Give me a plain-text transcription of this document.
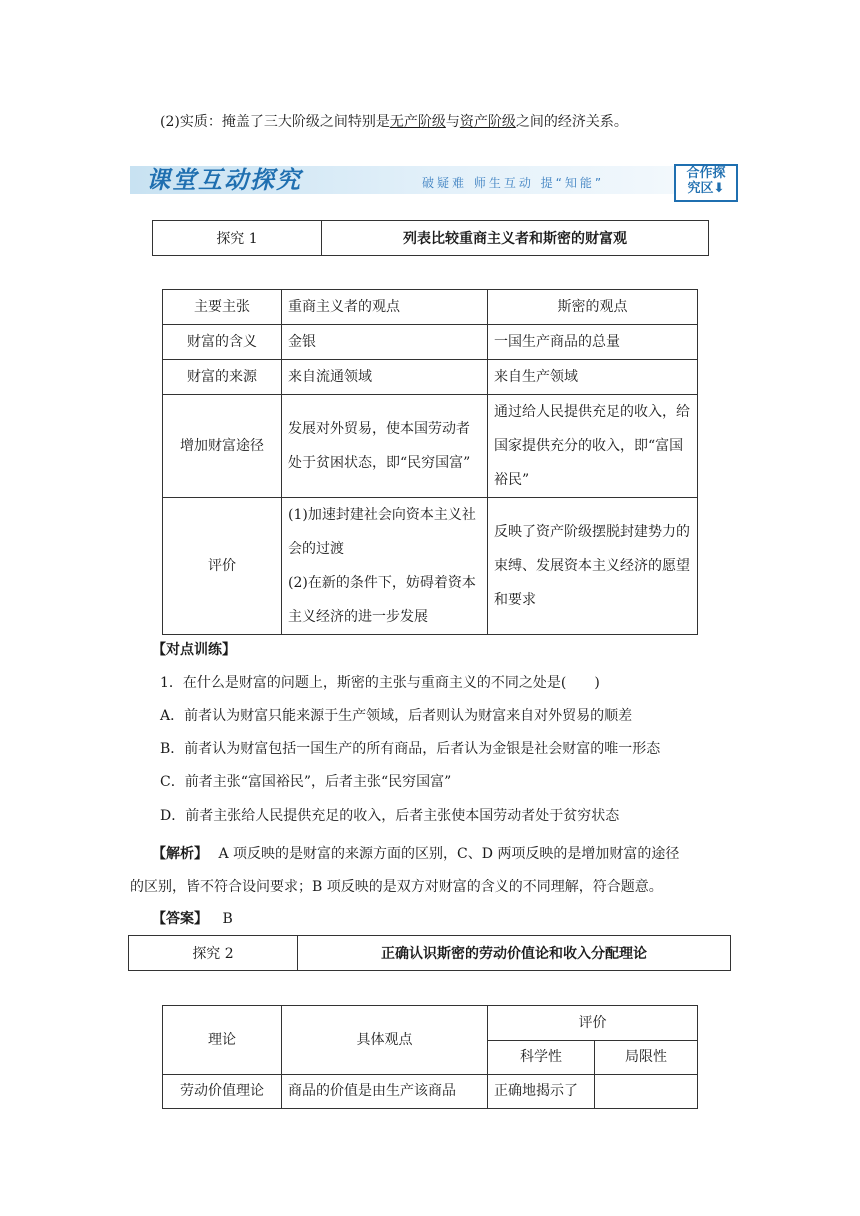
(2)实质：掩盖了三大阶级之间特别是无产阶级与资产阶级之间的经济关系。
课堂互动探究	破疑难 师生互动 提“知能”
合作探
究区⬇
探究 1	列表比较重商主义者和斯密的财富观
主要主张	重商主义者的观点	斯密的观点
财富的含义	金银	一国生产商品的总量
财富的来源	来自流通领域	来自生产领域
增加财富途径	发展对外贸易，使本国劳动者处于贫困状态，即“民穷国富”	通过给人民提供充足的收入，给国家提供充分的收入，即“富国裕民”
评价	(1)加速封建社会向资本主义社会的过渡
(2)在新的条件下，妨碍着资本主义经济的进一步发展	反映了资产阶级摆脱封建势力的束缚、发展资本主义经济的愿望和要求
【对点训练】
1．在什么是财富的问题上，斯密的主张与重商主义的不同之处是(　　)
A．前者认为财富只能来源于生产领域，后者则认为财富来自对外贸易的顺差
B．前者认为财富包括一国生产的所有商品，后者认为金银是社会财富的唯一形态
C．前者主张“富国裕民”，后者主张“民穷国富”
D．前者主张给人民提供充足的收入，后者主张使本国劳动者处于贫穷状态
【解析】 A 项反映的是财富的来源方面的区别，C、D 两项反映的是增加财富的途径
的区别，皆不符合设问要求；B 项反映的是双方对财富的含义的不同理解，符合题意。
【答案】 B
探究 2	正确认识斯密的劳动价值论和收入分配理论
理论	具体观点	评价	
		科学性	局限性
劳动价值理论	商品的价值是由生产该商品	正确地揭示了	
